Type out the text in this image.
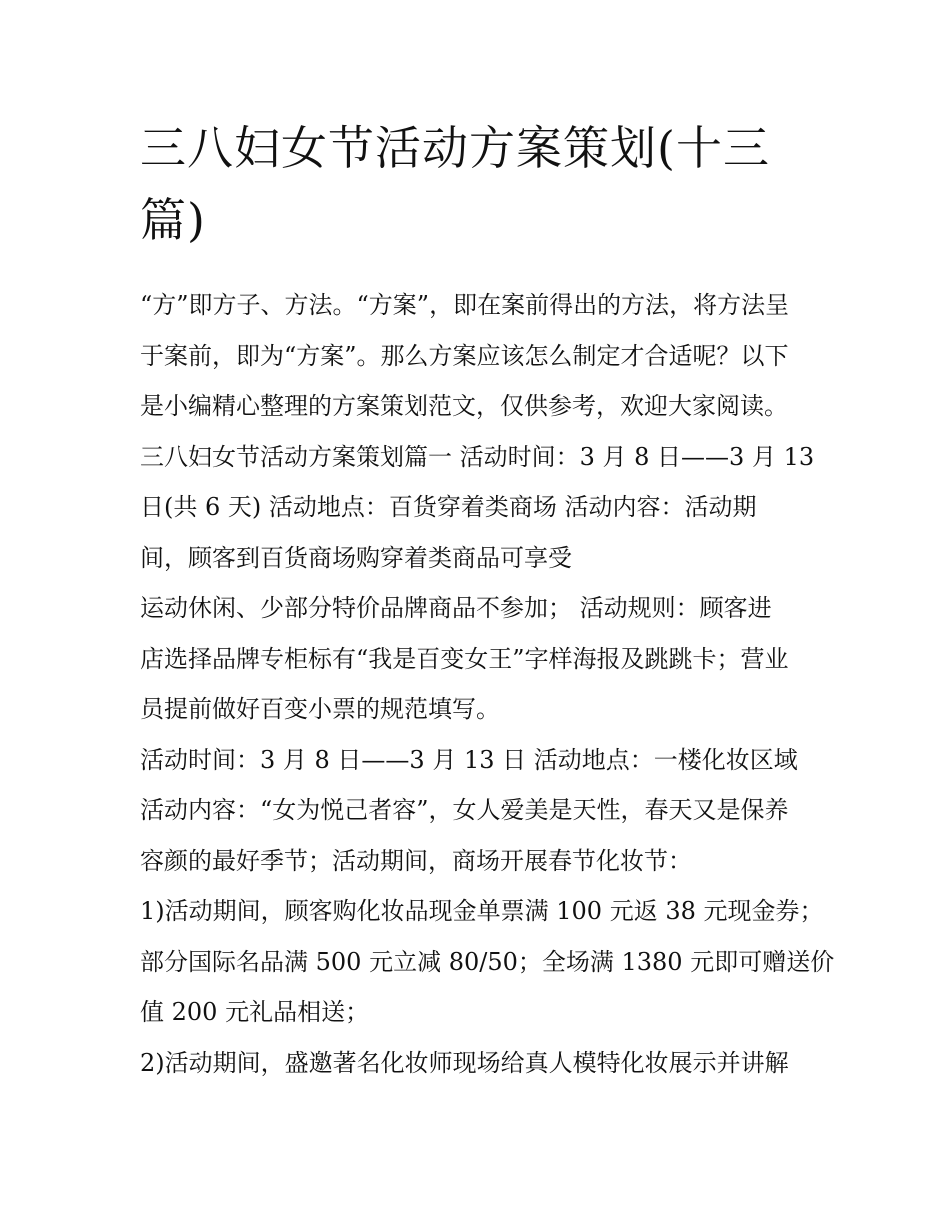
三八妇女节活动方案策划(十三
篇)
“方”即方子、方法。“方案”，即在案前得出的方法，将方法呈
于案前，即为“方案”。那么方案应该怎么制定才合适呢？以下
是小编精心整理的方案策划范文，仅供参考，欢迎大家阅读。
三八妇女节活动方案策划篇一 活动时间：3 月 8 日——3 月 13
日(共 6 天) 活动地点：百货穿着类商场 活动内容：活动期
间，顾客到百货商场购穿着类商品可享受
运动休闲、少部分特价品牌商品不参加； 活动规则：顾客进
店选择品牌专柜标有“我是百变女王”字样海报及跳跳卡；营业
员提前做好百变小票的规范填写。
活动时间：3 月 8 日——3 月 13 日 活动地点：一楼化妆区域
活动内容：“女为悦己者容”，女人爱美是天性，春天又是保养
容颜的最好季节；活动期间，商场开展春节化妆节：
1)活动期间，顾客购化妆品现金单票满 100 元返 38 元现金券；
部分国际名品满 500 元立减 80/50；全场满 1380 元即可赠送价
值 200 元礼品相送；
2)活动期间，盛邀著名化妆师现场给真人模特化妆展示并讲解
